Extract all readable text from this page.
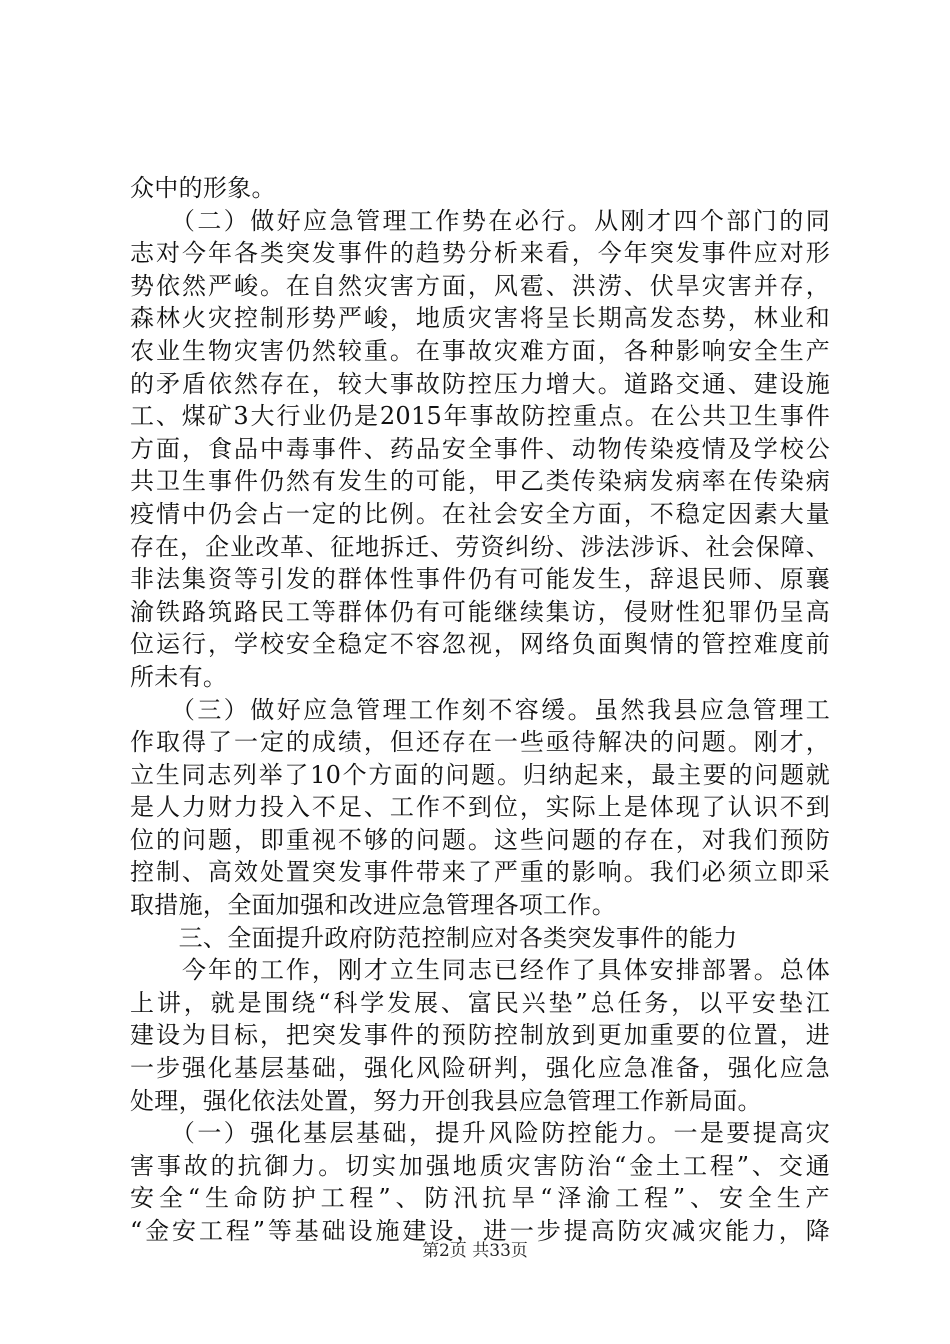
众中的形象。
　　（二）做好应急管理工作势在必行。从刚才四个部门的同
志对今年各类突发事件的趋势分析来看，今年突发事件应对形
势依然严峻。在自然灾害方面，风雹、洪涝、伏旱灾害并存，
森林火灾控制形势严峻，地质灾害将呈长期高发态势，林业和
农业生物灾害仍然较重。在事故灾难方面，各种影响安全生产
的矛盾依然存在，较大事故防控压力增大。道路交通、建设施
工、煤矿3大行业仍是2015年事故防控重点。在公共卫生事件
方面，食品中毒事件、药品安全事件、动物传染疫情及学校公
共卫生事件仍然有发生的可能，甲乙类传染病发病率在传染病
疫情中仍会占一定的比例。在社会安全方面，不稳定因素大量
存在，企业改革、征地拆迁、劳资纠纷、涉法涉诉、社会保障、
非法集资等引发的群体性事件仍有可能发生，辞退民师、原襄
渝铁路筑路民工等群体仍有可能继续集访，侵财性犯罪仍呈高
位运行，学校安全稳定不容忽视，网络负面舆情的管控难度前
所未有。
　　（三）做好应急管理工作刻不容缓。虽然我县应急管理工
作取得了一定的成绩，但还存在一些亟待解决的问题。刚才，
立生同志列举了10个方面的问题。归纳起来，最主要的问题就
是人力财力投入不足、工作不到位，实际上是体现了认识不到
位的问题，即重视不够的问题。这些问题的存在，对我们预防
控制、高效处置突发事件带来了严重的影响。我们必须立即采
取措施，全面加强和改进应急管理各项工作。
　　三、全面提升政府防范控制应对各类突发事件的能力
　　今年的工作，刚才立生同志已经作了具体安排部署。总体
上讲，就是围绕“科学发展、富民兴垫”总任务，以平安垫江
建设为目标，把突发事件的预防控制放到更加重要的位置，进
一步强化基层基础，强化风险研判，强化应急准备，强化应急
处理，强化依法处置，努力开创我县应急管理工作新局面。
　　（一）强化基层基础，提升风险防控能力。一是要提高灾
害事故的抗御力。切实加强地质灾害防治“金土工程”、交通
安全“生命防护工程”、防汛抗旱“泽渝工程”、安全生产
“金安工程”等基础设施建设，进一步提高防灾减灾能力，降
第2页 共33页
